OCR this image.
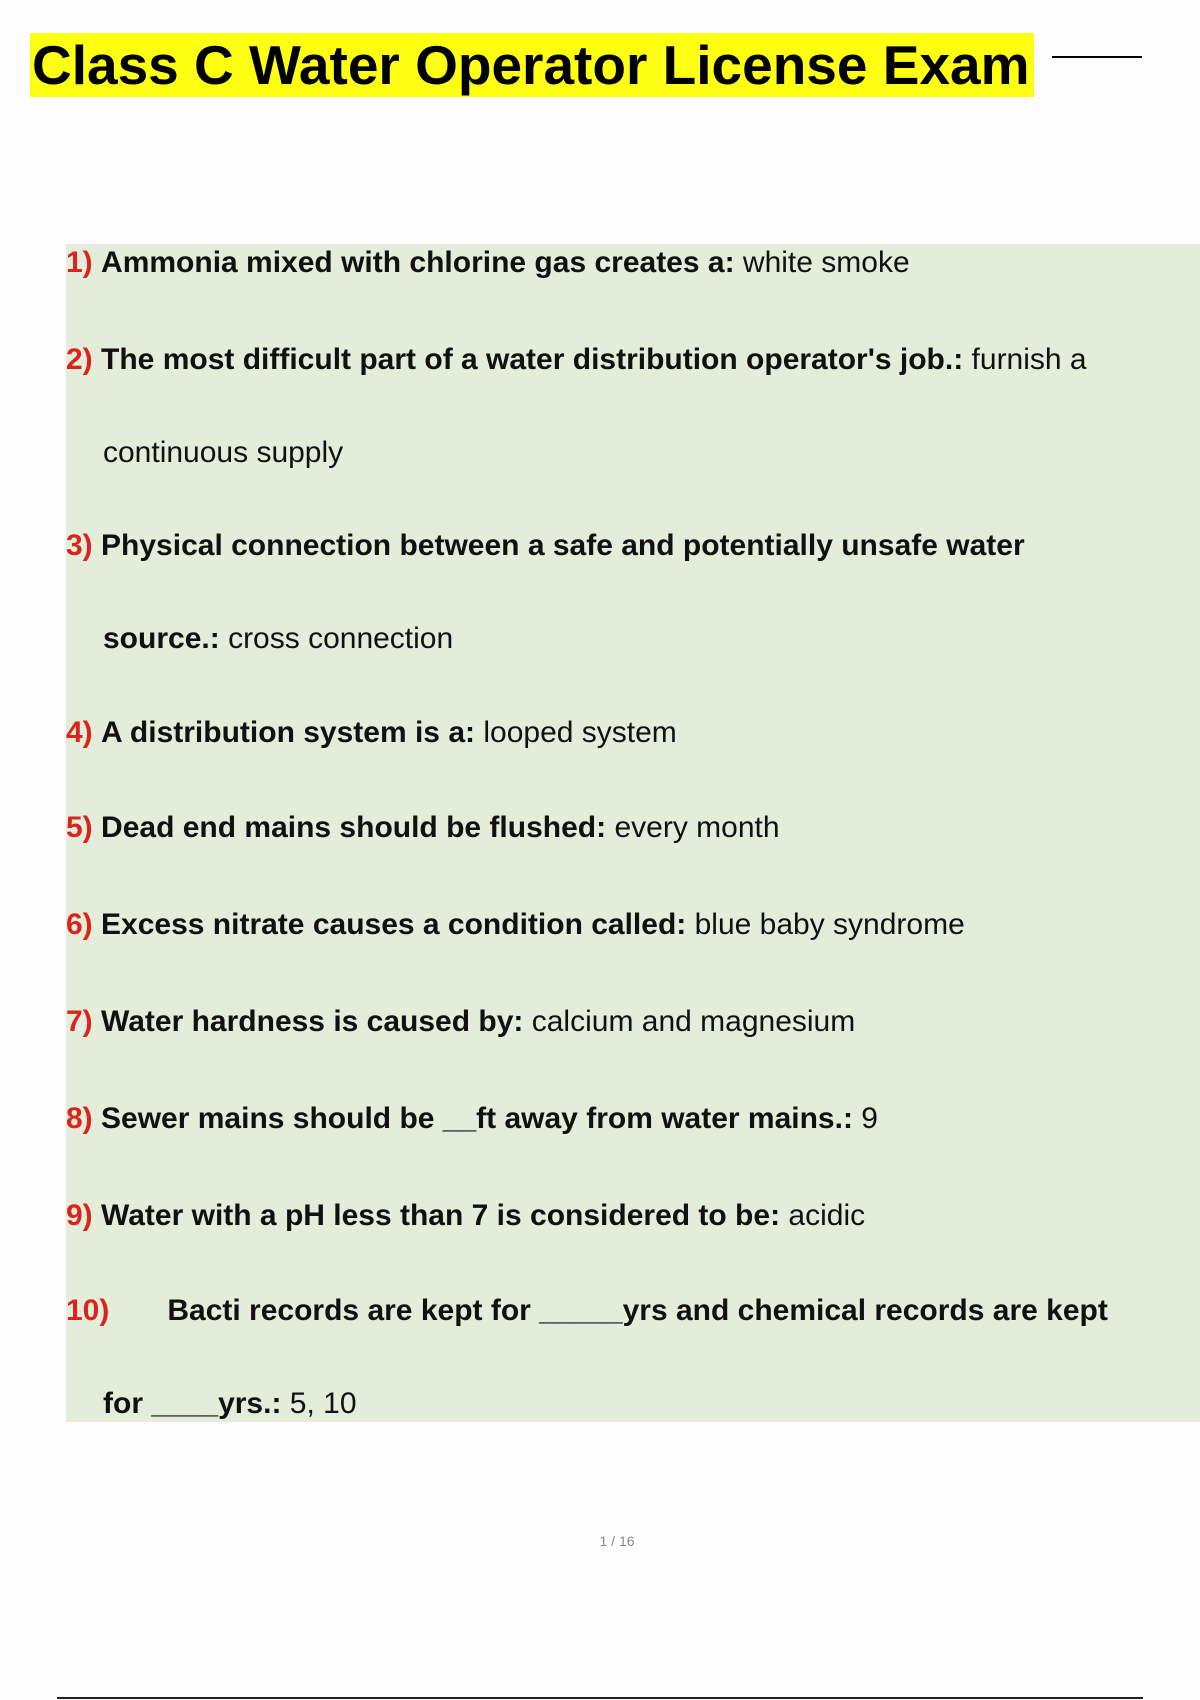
Class C Water Operator License Exam
1) Ammonia mixed with chlorine gas creates a: white smoke
2) The most difficult part of a water distribution operator's job.: furnish a
continuous supply
3) Physical connection between a safe and potentially unsafe water
source.: cross connection
4) A distribution system is a: looped system
5) Dead end mains should be flushed: every month
6) Excess nitrate causes a condition called: blue baby syndrome
7) Water hardness is caused by: calcium and magnesium
8) Sewer mains should be __ft away from water mains.: 9
9) Water with a pH less than 7 is considered to be: acidic
10) Bacti records are kept for _____yrs and chemical records are kept
for ____yrs.: 5, 10
1 / 16
